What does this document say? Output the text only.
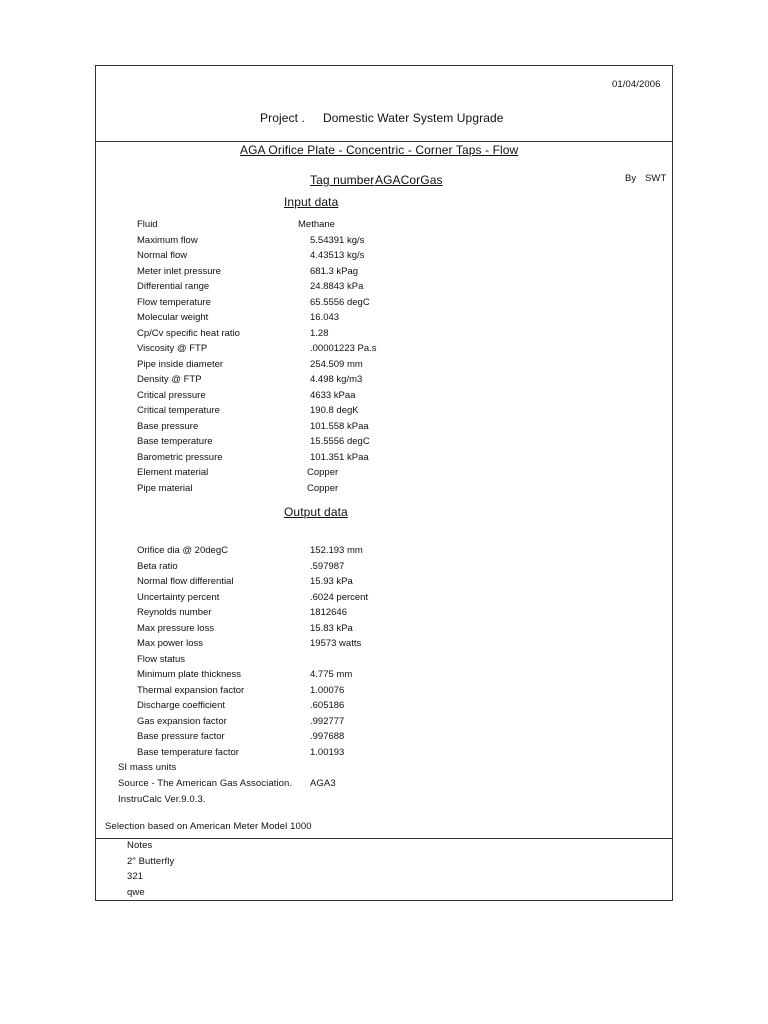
01/04/2006
Project . Domestic Water System Upgrade
AGA Orifice Plate - Concentric - Corner Taps - Flow
Tag number AGACorGas	By SWT
Input data
Fluid	Methane
Maximum flow	5.54391 kg/s
Normal flow	4.43513 kg/s
Meter inlet pressure	681.3 kPag
Differential range	24.8843 kPa
Flow temperature	65.5556 degC
Molecular weight	16.043
Cp/Cv specific heat ratio	1.28
Viscosity @ FTP	.00001223 Pa.s
Pipe inside diameter	254.509 mm
Density @ FTP	4.498 kg/m3
Critical pressure	4633 kPaa
Critical temperature	190.8 degK
Base pressure	101.558 kPaa
Base temperature	15.5556 degC
Barometric pressure	101.351 kPaa
Element material	Copper
Pipe material	Copper
Output data
Orifice dia @ 20degC	152.193 mm
Beta ratio	.597987
Normal flow differential	15.93 kPa
Uncertainty percent	.6024 percent
Reynolds number	1812646
Max pressure loss	15.83 kPa
Max power loss	19573 watts
Flow status
Minimum plate thickness	4.775 mm
Thermal expansion factor	1.00076
Discharge coefficient	.605186
Gas expansion factor	.992777
Base pressure factor	.997688
Base temperature factor	1.00193
SI mass units
Source - The American Gas Association. AGA3
InstruCalc Ver.9.0.3.
Selection based on American Meter Model 1000
Notes
2" Butterfly
321
qwe
